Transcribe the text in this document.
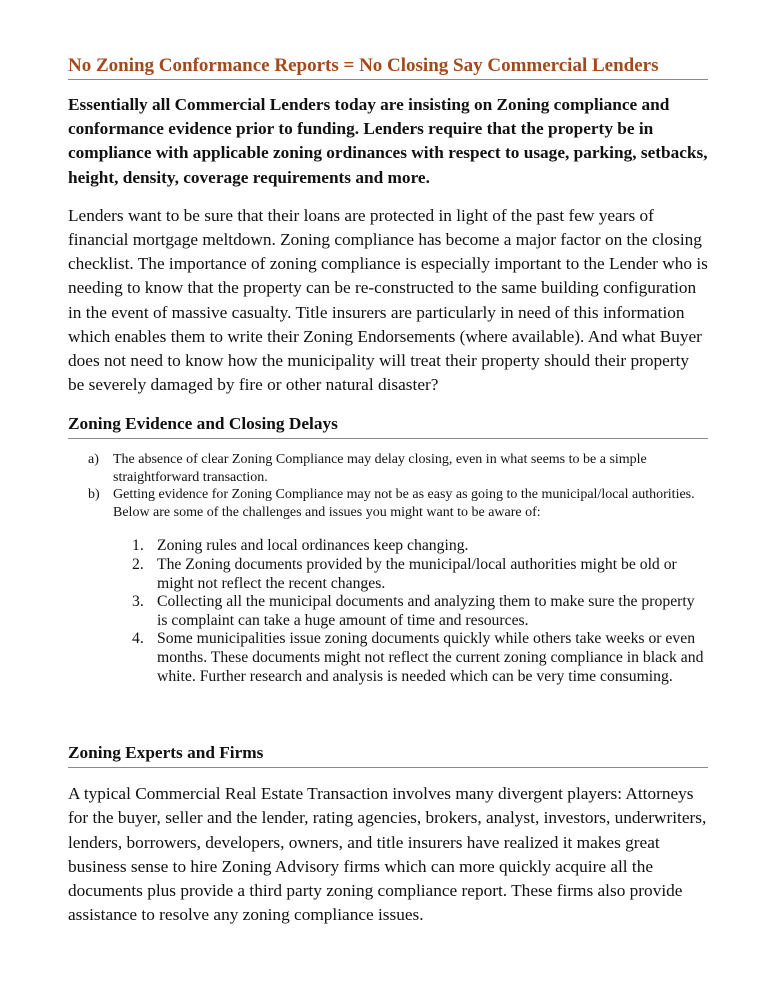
No Zoning Conformance Reports = No Closing Say Commercial Lenders

Essentially all Commercial Lenders today are insisting on Zoning compliance and conformance evidence prior to funding. Lenders require that the property be in compliance with applicable zoning ordinances with respect to usage, parking, setbacks, height, density, coverage requirements and more.

Lenders want to be sure that their loans are protected in light of the past few years of financial mortgage meltdown. Zoning compliance has become a major factor on the closing checklist. The importance of zoning compliance is especially important to the Lender who is needing to know that the property can be re-constructed to the same building configuration in the event of massive casualty. Title insurers are particularly in need of this information which enables them to write their Zoning Endorsements (where available). And what Buyer does not need to know how the municipality will treat their property should their property be severely damaged by fire or other natural disaster?

Zoning Evidence and Closing Delays
a) The absence of clear Zoning Compliance may delay closing, even in what seems to be a simple straightforward transaction.
b) Getting evidence for Zoning Compliance may not be as easy as going to the municipal/local authorities. Below are some of the challenges and issues you might want to be aware of:
1. Zoning rules and local ordinances keep changing.
2. The Zoning documents provided by the municipal/local authorities might be old or might not reflect the recent changes.
3. Collecting all the municipal documents and analyzing them to make sure the property is complaint can take a huge amount of time and resources.
4. Some municipalities issue zoning documents quickly while others take weeks or even months. These documents might not reflect the current zoning compliance in black and white. Further research and analysis is needed which can be very time consuming.
Zoning Experts and Firms

A typical Commercial Real Estate Transaction involves many divergent players: Attorneys for the buyer, seller and the lender, rating agencies, brokers, analyst, investors, underwriters, lenders, borrowers, developers, owners, and title insurers have realized it makes great business sense to hire Zoning Advisory firms which can more quickly acquire all the documents plus provide a third party zoning compliance report. These firms also provide assistance to resolve any zoning compliance issues.
